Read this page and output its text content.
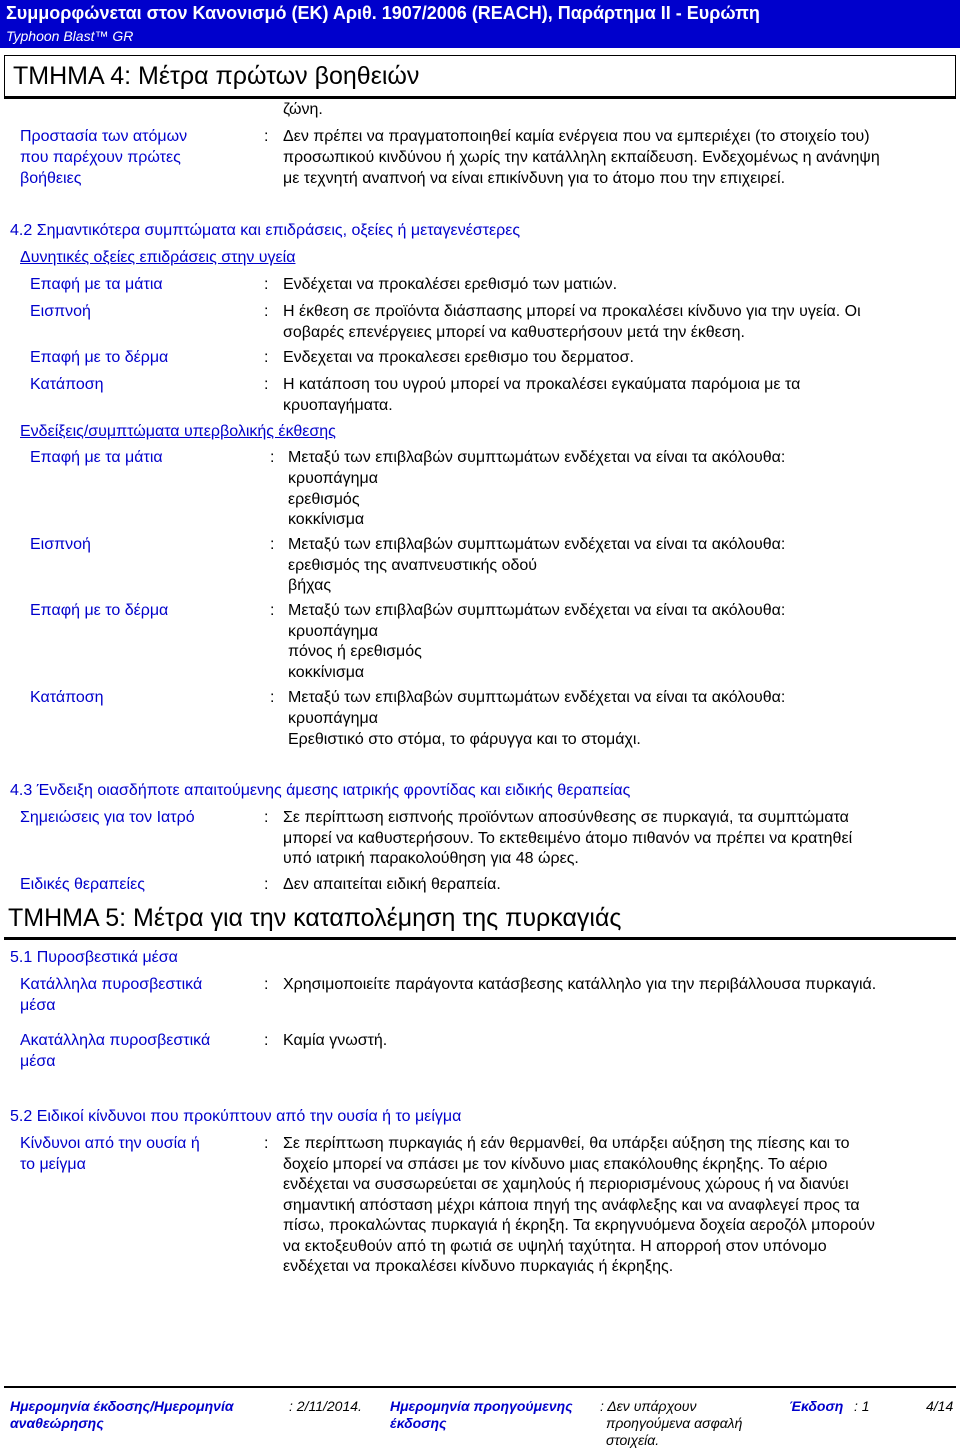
Συμμορφώνεται στον Κανονισμό (ΕΚ) Αριθ. 1907/2006 (REACH), Παράρτημα II - Ευρώπη
Typhoon Blast™ GR
ΤΜΗΜΑ 4: Μέτρα πρώτων βοηθειών
ζώνη.
Προστασία των ατόμων
που παρέχουν πρώτες
βοήθειες
: Δεν πρέπει να πραγματοποιηθεί καμία ενέργεια που να εμπεριέχει (το στοιχείο του)
προσωπικού κινδύνου ή χωρίς την κατάλληλη εκπαίδευση. Ενδεχομένως η ανάνηψη
με τεχνητή αναπνοή να είναι επικίνδυνη για το άτομο που την επιχειρεί.
4.2 Σημαντικότερα συμπτώματα και επιδράσεις, οξείες ή μεταγενέστερες
Δυνητικές οξείες επιδράσεις στην υγεία
Επαφή με τα μάτια	: Ενδέχεται να προκαλέσει ερεθισμό των ματιών.
Εισπνοή	: Η έκθεση σε προϊόντα διάσπασης μπορεί να προκαλέσει κίνδυνο για την υγεία. Οι
σοβαρές επενέργειες μπορεί να καθυστερήσουν μετά την έκθεση.
Επαφή με το δέρμα	: Ενδεχεται να προκαλεσει ερεθισμο του δερματοσ.
Κατάποση	: Η κατάποση του υγρού μπορεί να προκαλέσει εγκαύματα παρόμοια με τα
κρυοπαγήματα.
Ενδείξεις/συμπτώματα υπερβολικής έκθεσης
Επαφή με τα μάτια	: Μεταξύ των επιβλαβών συμπτωμάτων ενδέχεται να είναι τα ακόλουθα:
κρυοπάγημα
ερεθισμός
κοκκίνισμα
Εισπνοή	: Μεταξύ των επιβλαβών συμπτωμάτων ενδέχεται να είναι τα ακόλουθα:
ερεθισμός της αναπνευστικής οδού
βήχας
Επαφή με το δέρμα	: Μεταξύ των επιβλαβών συμπτωμάτων ενδέχεται να είναι τα ακόλουθα:
κρυοπάγημα
πόνος ή ερεθισμός
κοκκίνισμα
Κατάποση	: Μεταξύ των επιβλαβών συμπτωμάτων ενδέχεται να είναι τα ακόλουθα:
κρυοπάγημα
Ερεθιστικό στο στόμα, το φάρυγγα και το στομάχι.
4.3 Ένδειξη οιασδήποτε απαιτούμενης άμεσης ιατρικής φροντίδας και ειδικής θεραπείας
Σημειώσεις για τον Ιατρό	: Σε περίπτωση εισπνοής προϊόντων αποσύνθεσης σε πυρκαγιά, τα συμπτώματα
μπορεί να καθυστερήσουν. Το εκτεθειμένο άτομο πιθανόν να πρέπει να κρατηθεί
υπό ιατρική παρακολούθηση για 48 ώρες.
Ειδικές θεραπείες	: Δεν απαιτείται ειδική θεραπεία.
ΤΜΗΜΑ 5: Μέτρα για την καταπολέμηση της πυρκαγιάς
5.1 Πυροσβεστικά μέσα
Κατάλληλα πυροσβεστικά
μέσα
: Χρησιμοποιείτε παράγοντα κατάσβεσης κατάλληλο για την περιβάλλουσα πυρκαγιά.
Ακατάλληλα πυροσβεστικά
μέσα
: Καμία γνωστή.
5.2 Ειδικοί κίνδυνοι που προκύπτουν από την ουσία ή το μείγμα
Κίνδυνοι από την ουσία ή
το μείγμα
: Σε περίπτωση πυρκαγιάς ή εάν θερμανθεί, θα υπάρξει αύξηση της πίεσης και το
δοχείο μπορεί να σπάσει με τον κίνδυνο μιας επακόλουθης έκρηξης. Το αέριο
ενδέχεται να συσσωρεύεται σε χαμηλούς ή περιορισμένους χώρους ή να διανύει
σημαντική απόσταση μέχρι κάποια πηγή της ανάφλεξης και να αναφλεγεί προς τα
πίσω, προκαλώντας πυρκαγιά ή έκρηξη. Τα εκρηγνυόμενα δοχεία αεροζόλ μπορούν
να εκτοξευθούν από τη φωτιά σε υψηλή ταχύτητα. Η απορροή στον υπόνομο
ενδέχεται να προκαλέσει κίνδυνο πυρκαγιάς ή έκρηξης.
Ημερομηνία έκδοσης/Ημερομηνία
αναθεώρησης
: 2/11/2014. Ημερομηνία προηγούμενης
έκδοσης
: Δεν υπάρχουν
προηγούμενα ασφαλή
στοιχεία.
Έκδοση : 1	4/14
